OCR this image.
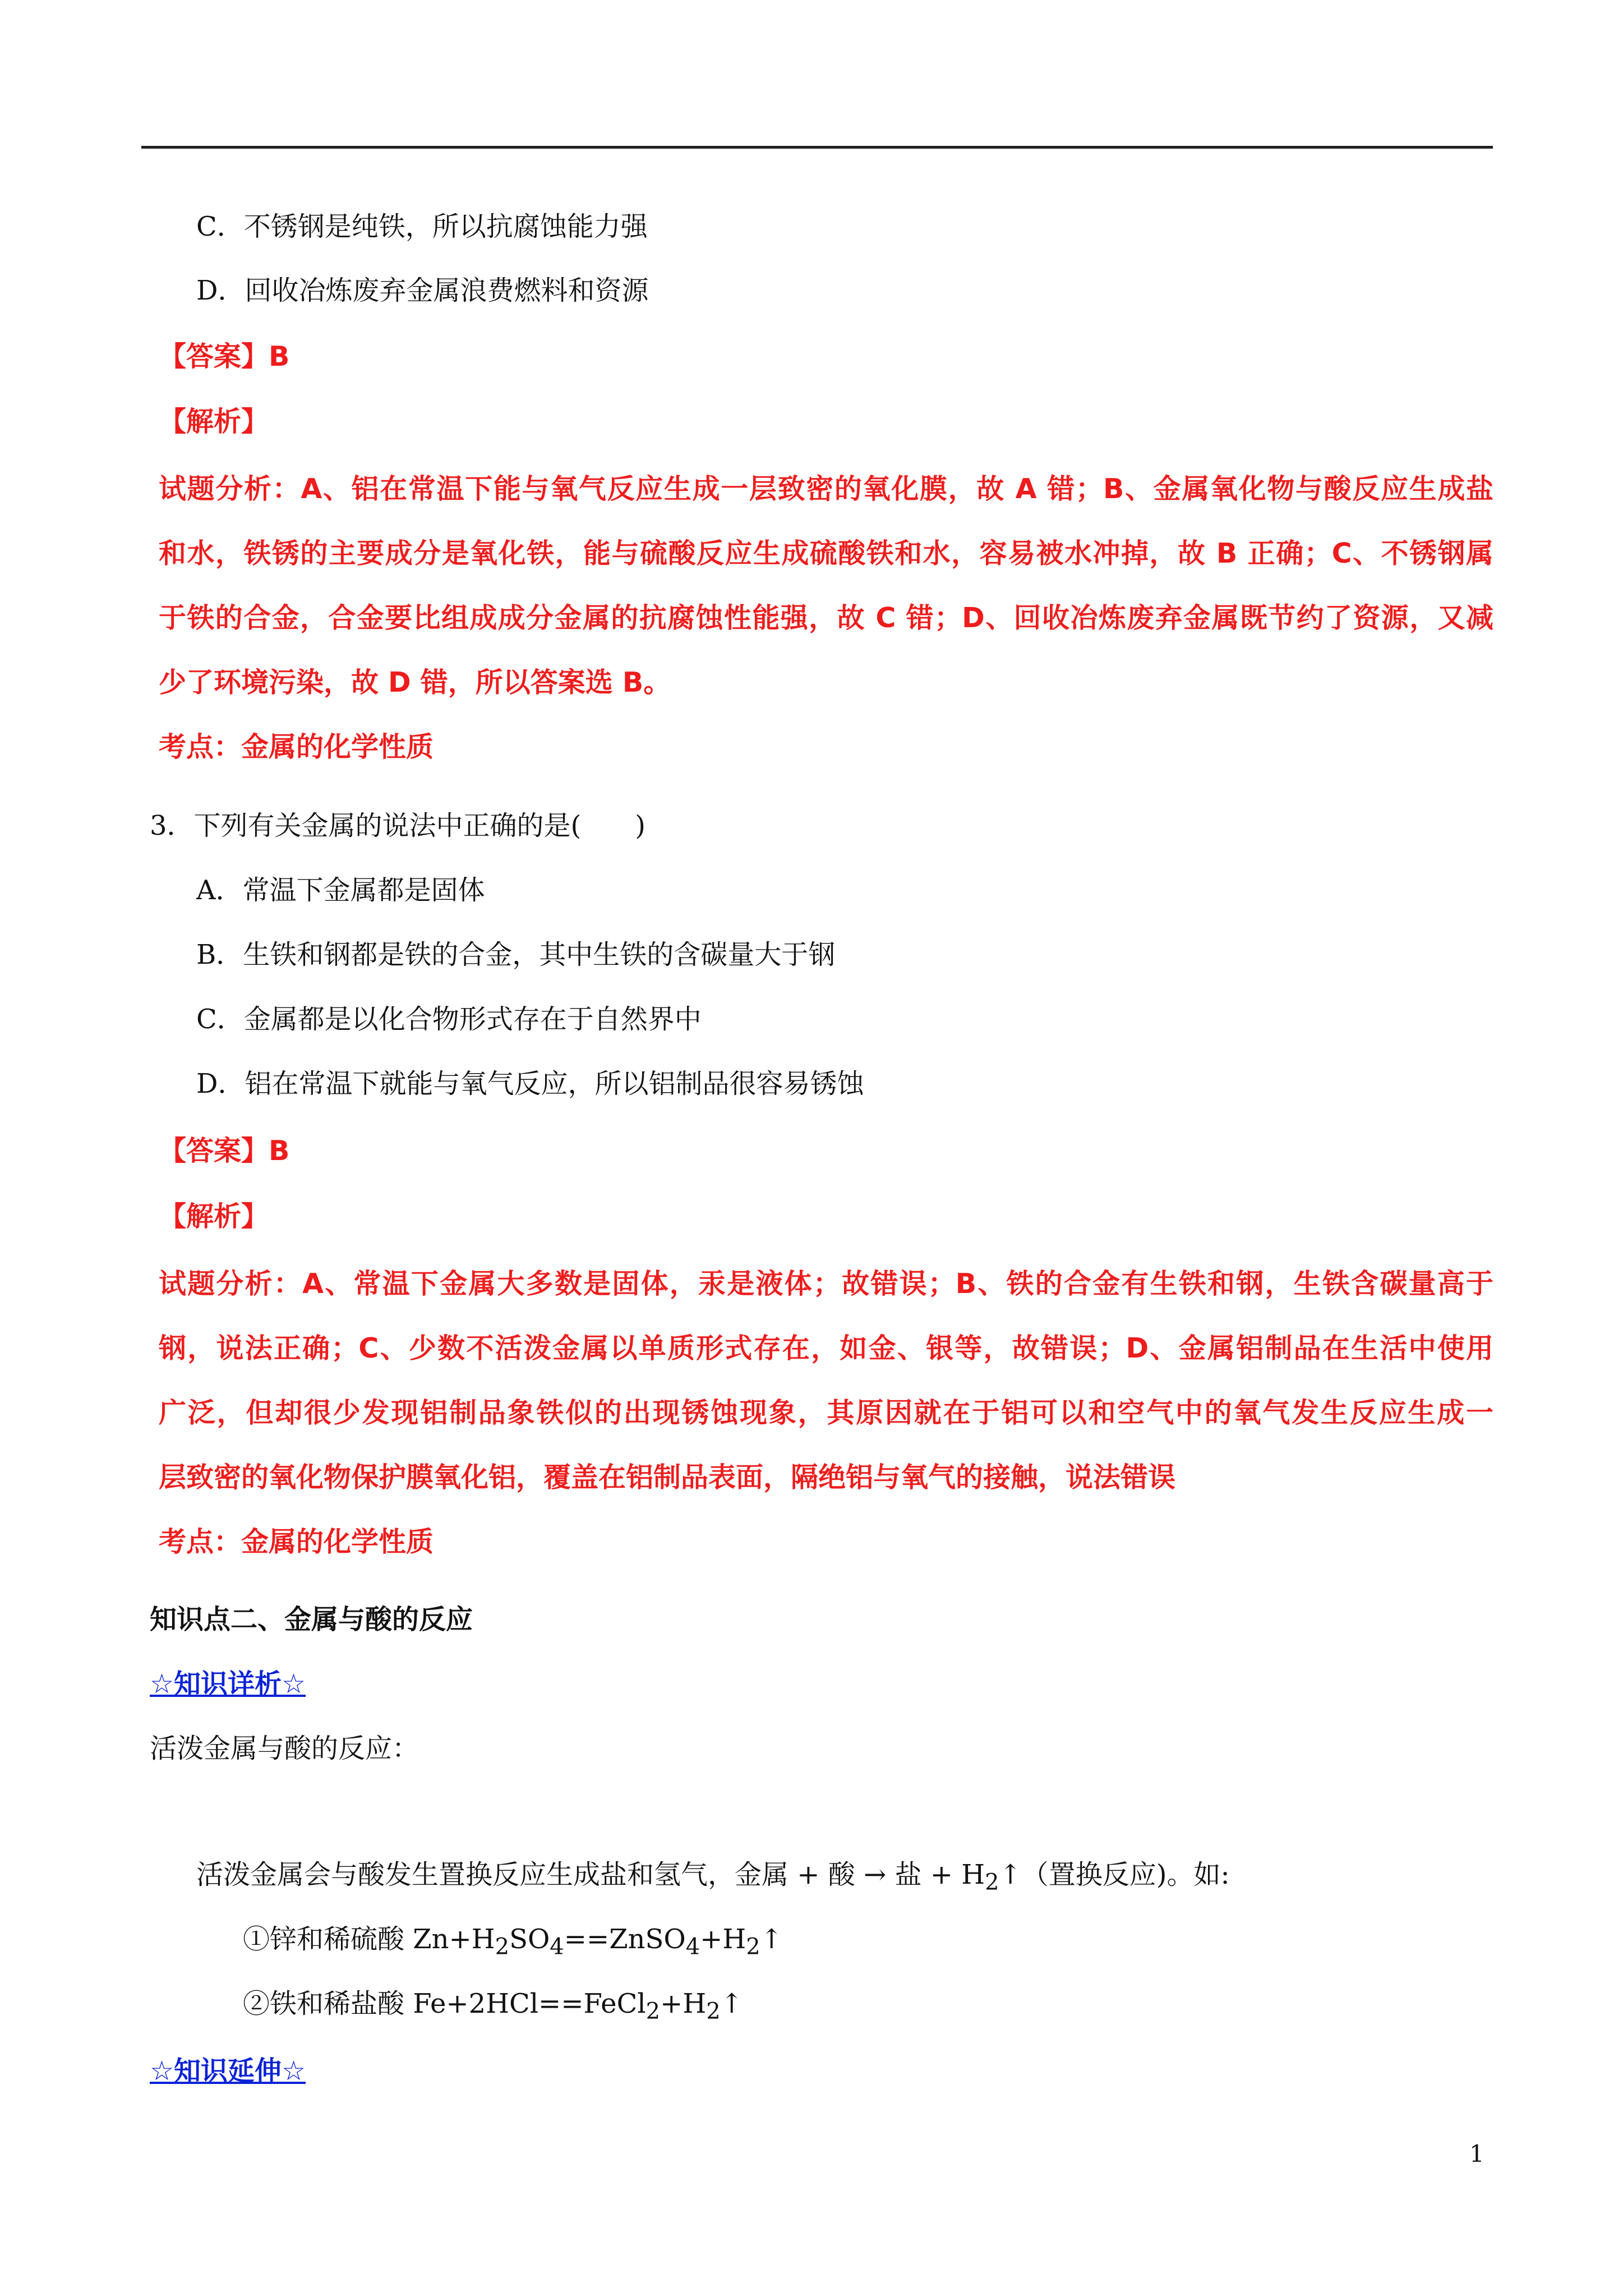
C．不锈钢是纯铁，所以抗腐蚀能力强
D．回收冶炼废弃金属浪费燃料和资源
【答案】B
【解析】
试题分析：A、铝在常温下能与氧气反应生成一层致密的氧化膜，故 A 错；B、金属氧化物与酸反应生成盐
和水，铁锈的主要成分是氧化铁，能与硫酸反应生成硫酸铁和水，容易被水冲掉，故 B 正确；C、不锈钢属
于铁的合金，合金要比组成成分金属的抗腐蚀性能强，故 C 错；D、回收冶炼废弃金属既节约了资源，又减
少了环境污染，故 D 错，所以答案选 B。
考点：金属的化学性质
3．下列有关金属的说法中正确的是(　　)
A．常温下金属都是固体
B．生铁和钢都是铁的合金，其中生铁的含碳量大于钢
C．金属都是以化合物形式存在于自然界中
D．铝在常温下就能与氧气反应，所以铝制品很容易锈蚀
【答案】B
【解析】
试题分析：A、常温下金属大多数是固体，汞是液体；故错误；B、铁的合金有生铁和钢，生铁含碳量高于
钢，说法正确；C、少数不活泼金属以单质形式存在，如金、银等，故错误；D、金属铝制品在生活中使用
广泛，但却很少发现铝制品象铁似的出现锈蚀现象，其原因就在于铝可以和空气中的氧气发生反应生成一
层致密的氧化物保护膜氧化铝，覆盖在铝制品表面，隔绝铝与氧气的接触，说法错误
考点：金属的化学性质
知识点二、金属与酸的反应
☆知识详析☆
活泼金属与酸的反应：
活泼金属会与酸发生置换反应生成盐和氢气，金属 + 酸 → 盐 + $H_2↑$（置换反应)。如:
①锌和稀硫酸 $Zn+H_2SO_4==ZnSO_4+H_2↑$
②铁和稀盐酸 $Fe+2HCl==FeCl_2+H_2↑$
☆知识延伸☆
1
